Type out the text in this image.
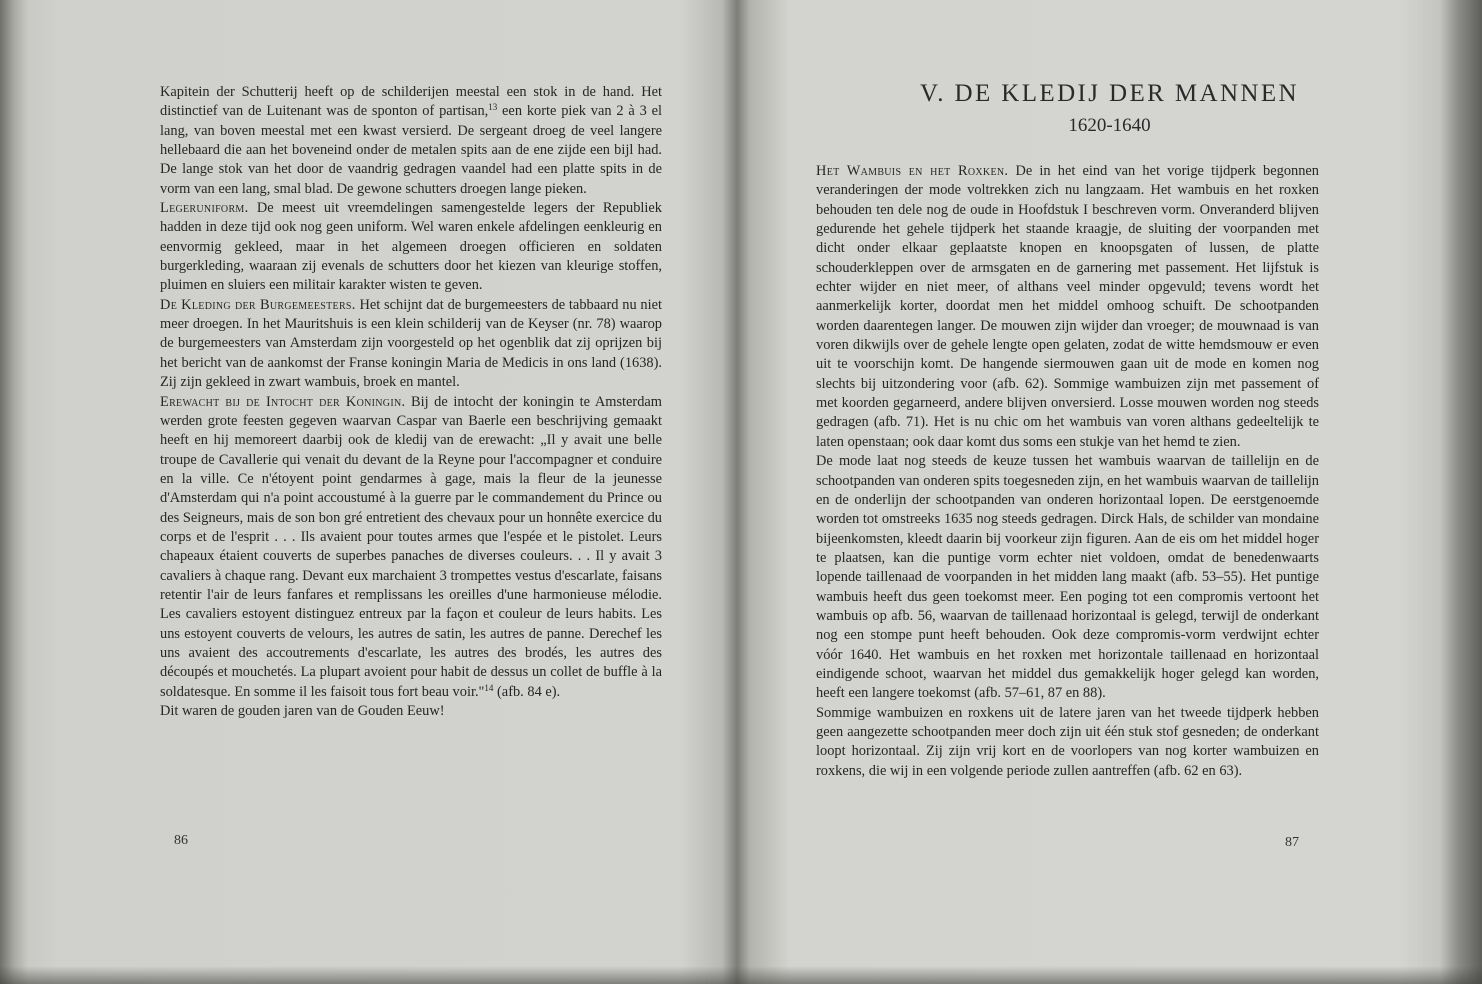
Kapitein der Schutterij heeft op de schilderijen meestal een stok in de hand. Het distinctief van de Luitenant was de sponton of partisan,$^{13}$ een korte piek van 2 à 3 el lang, van boven meestal met een kwast versierd. De sergeant droeg de veel langere hellebaard die aan het boveneind onder de metalen spits aan de ene zijde een bijl had. De lange stok van het door de vaandrig gedragen vaandel had een platte spits in de vorm van een lang, smal blad. De gewone schutters droegen lange pieken.

Legeruniform. De meest uit vreemdelingen samengestelde legers der Republiek hadden in deze tijd ook nog geen uniform. Wel waren enkele afdelingen eenkleurig en eenvormig gekleed, maar in het algemeen droegen officieren en soldaten burgerkleding, waaraan zij evenals de schutters door het kiezen van kleurige stoffen, pluimen en sluiers een militair karakter wisten te geven.

De Kleding der Burgemeesters. Het schijnt dat de burgemeesters de tabbaard nu niet meer droegen. In het Mauritshuis is een klein schilderij van de Keyser (nr. 78) waarop de burgemeesters van Amsterdam zijn voorgesteld op het ogenblik dat zij oprijzen bij het bericht van de aankomst der Franse koningin Maria de Medicis in ons land (1638). Zij zijn gekleed in zwart wambuis, broek en mantel.

Erewacht bij de Intocht der Koningin. Bij de intocht der koningin te Amsterdam werden grote feesten gegeven waarvan Caspar van Baerle een beschrijving gemaakt heeft en hij memoreert daarbij ook de kledij van de erewacht: „Il y avait une belle troupe de Cavallerie qui venait du devant de la Reyne pour l'accompagner et conduire en la ville. Ce n'étoyent point gendarmes à gage, mais la fleur de la jeunesse d'Amsterdam qui n'a point accoustumé à la guerre par le commandement du Prince ou des Seigneurs, mais de son bon gré entretient des chevaux pour un honnête exercice du corps et de l'esprit . . . Ils avaient pour toutes armes que l'espée et le pistolet. Leurs chapeaux étaient couverts de superbes panaches de diverses couleurs. . . Il y avait 3 cavaliers à chaque rang. Devant eux marchaient 3 trompettes vestus d'escarlate, faisans retentir l'air de leurs fanfares et remplissans les oreilles d'une harmonieuse mélodie. Les cavaliers estoyent distinguez entreux par la façon et couleur de leurs habits. Les uns estoyent couverts de velours, les autres de satin, les autres de panne. Derechef les uns avaient des accoutrements d'escarlate, les autres des brodés, les autres des découpés et mouchetés. La plupart avoient pour habit de dessus un collet de buffle à la soldatesque. En somme il les faisoit tous fort beau voir."$^{14}$ (afb. 84 e).

Dit waren de gouden jaren van de Gouden Eeuw!

86
V. DE KLEDIJ DER MANNEN
1620-1640

Het Wambuis en het Roxken. De in het eind van het vorige tijdperk begonnen veranderingen der mode voltrekken zich nu langzaam. Het wambuis en het roxken behouden ten dele nog de oude in Hoofdstuk I beschreven vorm. Onveranderd blijven gedurende het gehele tijdperk het staande kraagje, de sluiting der voorpanden met dicht onder elkaar geplaatste knopen en knoopsgaten of lussen, de platte schouderkleppen over de armsgaten en de garnering met passement. Het lijfstuk is echter wijder en niet meer, of althans veel minder opgevuld; tevens wordt het aanmerkelijk korter, doordat men het middel omhoog schuift. De schootpanden worden daarentegen langer. De mouwen zijn wijder dan vroeger; de mouwnaad is van voren dikwijls over de gehele lengte open gelaten, zodat de witte hemdsmouw er even uit te voorschijn komt. De hangende siermouwen gaan uit de mode en komen nog slechts bij uitzondering voor (afb. 62). Sommige wambuizen zijn met passement of met koorden gegarneerd, andere blijven onversierd. Losse mouwen worden nog steeds gedragen (afb. 71). Het is nu chic om het wambuis van voren althans gedeeltelijk te laten openstaan; ook daar komt dus soms een stukje van het hemd te zien.

De mode laat nog steeds de keuze tussen het wambuis waarvan de taillelijn en de schootpanden van onderen spits toegesneden zijn, en het wambuis waarvan de taillelijn en de onderlijn der schootpanden van onderen horizontaal lopen. De eerstgenoemde worden tot omstreeks 1635 nog steeds gedragen. Dirck Hals, de schilder van mondaine bijeenkomsten, kleedt daarin bij voorkeur zijn figuren. Aan de eis om het middel hoger te plaatsen, kan die puntige vorm echter niet voldoen, omdat de benedenwaarts lopende taillenaad de voorpanden in het midden lang maakt (afb. 53–55). Het puntige wambuis heeft dus geen toekomst meer. Een poging tot een compromis vertoont het wambuis op afb. 56, waarvan de taillenaad horizontaal is gelegd, terwijl de onderkant nog een stompe punt heeft behouden. Ook deze compromis-vorm verdwijnt echter vóór 1640. Het wambuis en het roxken met horizontale taillenaad en horizontaal eindigende schoot, waarvan het middel dus gemakkelijk hoger gelegd kan worden, heeft een langere toekomst (afb. 57–61, 87 en 88).

Sommige wambuizen en roxkens uit de latere jaren van het tweede tijdperk hebben geen aangezette schootpanden meer doch zijn uit één stuk stof gesneden; de onderkant loopt horizontaal. Zij zijn vrij kort en de voorlopers van nog korter wambuizen en roxkens, die wij in een volgende periode zullen aantreffen (afb. 62 en 63).

87
